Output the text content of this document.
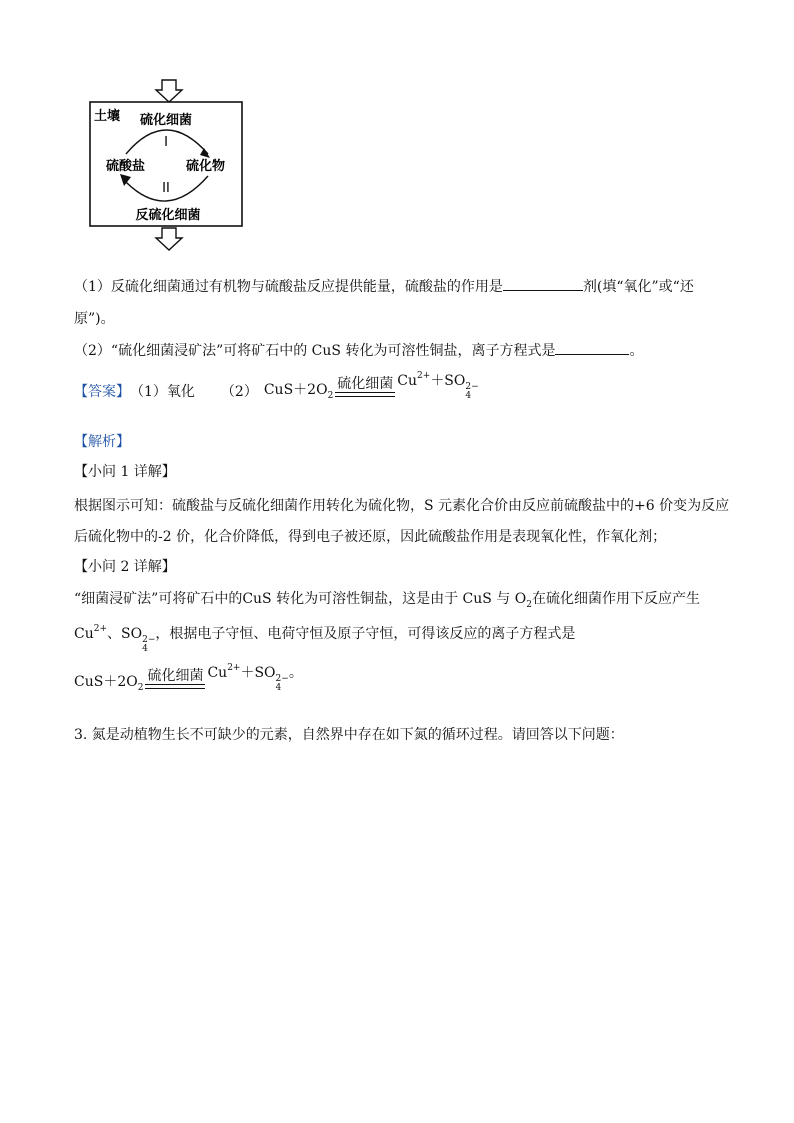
土壤 硫化细菌
I
硫酸盐	硫化物
II
反硫化细菌
（1）反硫化细菌通过有机物与硫酸盐反应提供能量，硫酸盐的作用是	剂(填“氧化”或“还
原”)。
（2）“硫化细菌浸矿法”可将矿石中的 CuS 转化为可溶性铜盐，离子方程式是	。
【答案】 （1）氧化 （2） $CuS+2O_2$
硫化细菌 $Cu^{2+}+SO$ 2−
4
【解析】
【小问 1 详解】
根据图示可知：硫酸盐与反硫化细菌作用转化为硫化物，S 元素化合价由反应前硫酸盐中的+6 价变为反应
后硫化物中的-2 价，化合价降低，得到电子被还原，因此硫酸盐作用是表现氧化性，作氧化剂；
【小问 2 详解】
“细菌浸矿法”可将矿石中的CuS 转化为可溶性铜盐，这是由于 CuS 与 $O_2$在硫化细菌作用下反应产生
$Cu^{2+}$、SO 2−
4
，根据电子守恒、电荷守恒及原子守恒，可得该反应的离子方程式是
$CuS+2O_2$
硫化细菌 $Cu^{2+}+SO$ 2−
4
。
3. 氮是动植物生长不可缺少的元素，自然界中存在如下氮的循环过程。请回答以下问题：
